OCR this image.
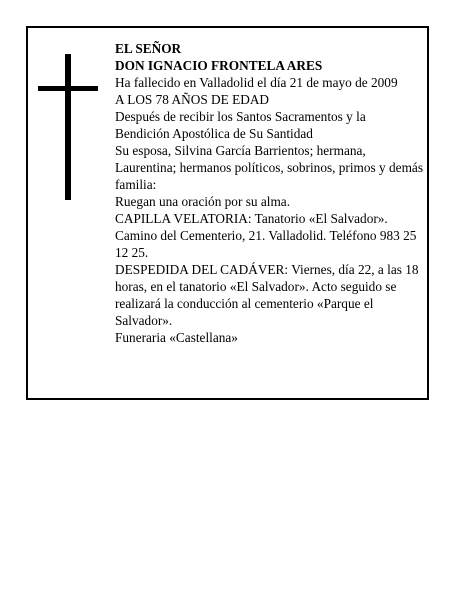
EL SEÑOR
DON IGNACIO FRONTELA ARES
Ha fallecido en Valladolid el día 21 de mayo de 2009
A LOS 78 AÑOS DE EDAD
Después de recibir los Santos Sacramentos y la Bendición Apostólica de Su Santidad
Su esposa, Silvina García Barrientos; hermana, Laurentina; hermanos políticos, sobrinos, primos y demás familia:
Ruegan una oración por su alma.
CAPILLA VELATORIA: Tanatorio «El Salvador». Camino del Cementerio, 21. Valladolid. Teléfono 983 25 12 25.
DESPEDIDA DEL CADÁVER: Viernes, día 22, a las 18 horas, en el tanatorio «El Salvador». Acto seguido se realizará la conducción al cementerio «Parque el Salvador».
Funeraria «Castellana»
